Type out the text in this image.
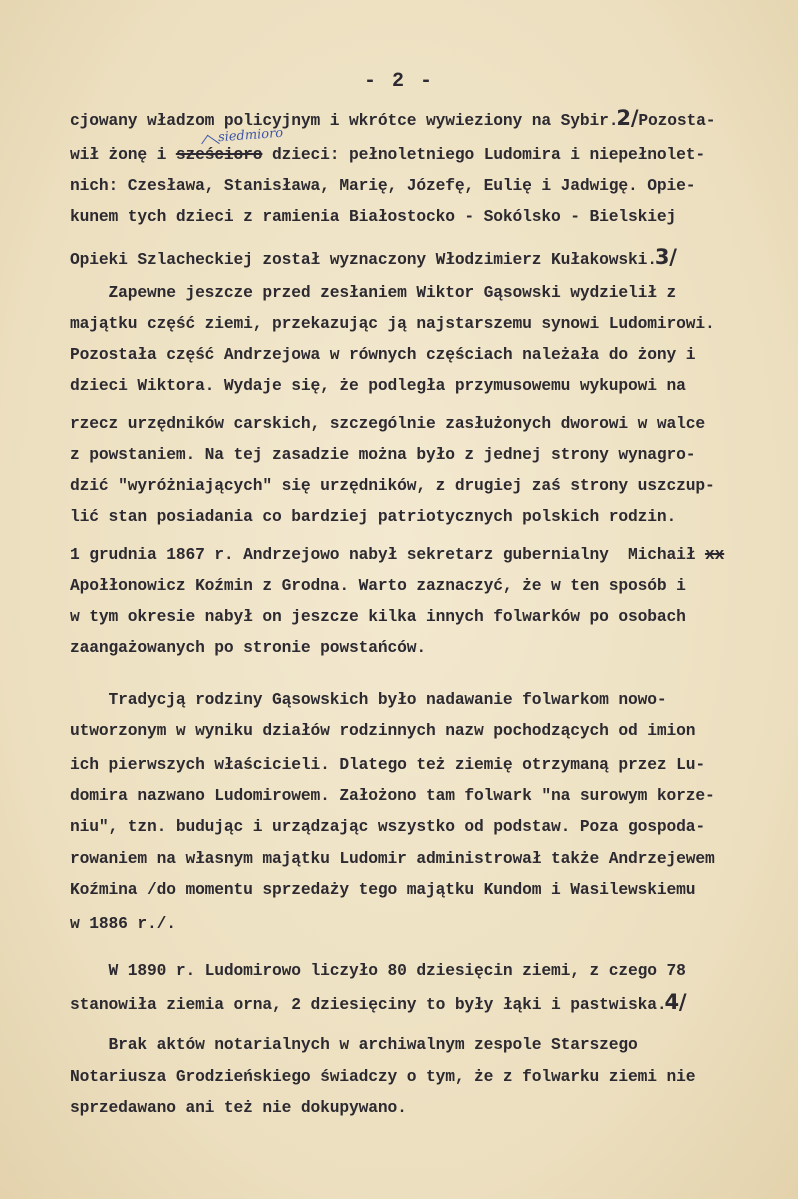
- 2 -
siedmioro
cjowany władzom policyjnym i wkrótce wywieziony na Sybir.2/Pozosta-
wił żonę i sześcioro dzieci: pełnoletniego Ludomira i niepełnolet-
nich: Czesława, Stanisława, Marię, Józefę, Eulię i Jadwigę. Opie-
kunem tych dzieci z ramienia Białostocko - Sokólsko - Bielskiej
Opieki Szlacheckiej został wyznaczony Włodzimierz Kułakowski.3/
Zapewne jeszcze przed zesłaniem Wiktor Gąsowski wydzielił z
majątku część ziemi, przekazując ją najstarszemu synowi Ludomirowi.
Pozostała część Andrzejowa w równych częściach należała do żony i
dzieci Wiktora. Wydaje się, że podległa przymusowemu wykupowi na
rzecz urzędników carskich, szczególnie zasłużonych dworowi w walce
z powstaniem. Na tej zasadzie można było z jednej strony wynagro-
dzić "wyróżniających" się urzędników, z drugiej zaś strony uszczup-
lić stan posiadania co bardziej patriotycznych polskich rodzin.
1 grudnia 1867 r. Andrzejowo nabył sekretarz gubernialny  Michaił xx
Apołłonowicz Koźmin z Grodna. Warto zaznaczyć, że w ten sposób i
w tym okresie nabył on jeszcze kilka innych folwarków po osobach
zaangażowanych po stronie powstańców.
Tradycją rodziny Gąsowskich było nadawanie folwarkom nowo-
utworzonym w wyniku działów rodzinnych nazw pochodzących od imion
ich pierwszych właścicieli. Dlatego też ziemię otrzymaną przez Lu-
domira nazwano Ludomirowem. Założono tam folwark "na surowym korze-
niu", tzn. budując i urządzając wszystko od podstaw. Poza gospoda-
rowaniem na własnym majątku Ludomir administrował także Andrzejewem
Koźmina /do momentu sprzedaży tego majątku Kundom i Wasilewskiemu
w 1886 r./.
W 1890 r. Ludomirowo liczyło 80 dziesięcin ziemi, z czego 78
stanowiła ziemia orna, 2 dziesięciny to były łąki i pastwiska.4/
Brak aktów notarialnych w archiwalnym zespole Starszego
Notariusza Grodzieńskiego świadczy o tym, że z folwarku ziemi nie
sprzedawano ani też nie dokupywano.
